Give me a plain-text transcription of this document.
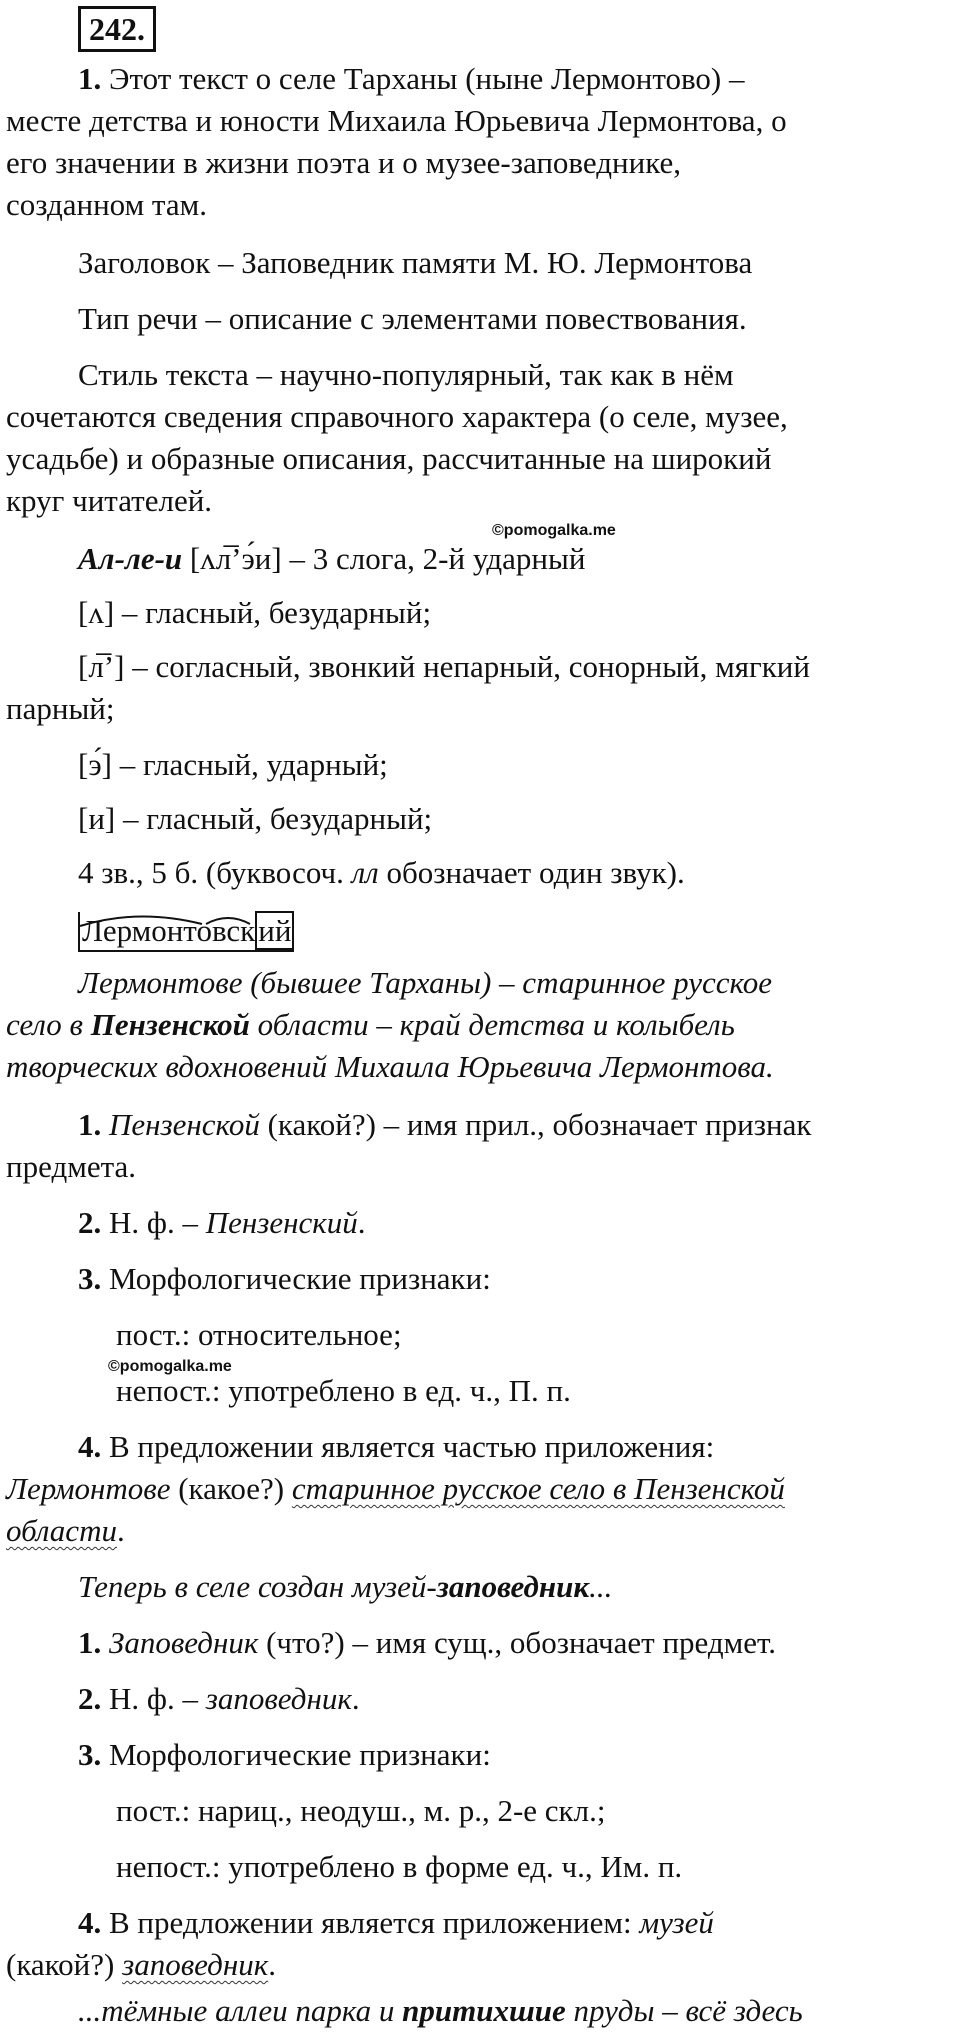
242.

1. Этот текст о селе Тарханы (ныне Лермонтово) –

месте детства и юности Михаила Юрьевича Лермонтова, о

его значении в жизни поэта и о музее-заповеднике,

созданном там.

Заголовок – Заповедник памяти М. Ю. Лермонтова

Тип речи – описание с элементами повествования.

Стиль текста – научно-популярный, так как в нём

сочетаются сведения справочного характера (о селе, музее,

усадьбе) и образные описания, рассчитанные на широкий

круг читателей.

©pomogalka.me

Ал-ле-и [ʌл̅’э́и] – 3 слога, 2-й ударный

[ʌ] – гласный, безударный;

[л̅’] – согласный, звонкий непарный, сонорный, мягкий

парный;

[э́] – гласный, ударный;

[и] – гласный, безударный;

4 зв., 5 б. (буквосоч. лл обозначает один звук).

Лермонтовский

Лермонтове (бывшее Тарханы) – старинное русское

село в Пензенской области – край детства и колыбель

творческих вдохновений Михаила Юрьевича Лермонтова.

1. Пензенской (какой?) – имя прил., обозначает признак

предмета.

2. Н. ф. – Пензенский.

3. Морфологические признаки:

пост.: относительное;

©pomogalka.me

непост.: употреблено в ед. ч., П. п.

4. В предложении является частью приложения:

Лермонтове (какое?) старинное русское село в Пензенской

области.

Теперь в селе создан музей-заповедник...

1. Заповедник (что?) – имя сущ., обозначает предмет.

2. Н. ф. – заповедник.

3. Морфологические признаки:

пост.: нариц., неодуш., м. р., 2-е скл.;

непост.: употреблено в форме ед. ч., Им. п.

4. В предложении является приложением: музей

(какой?) заповедник.

...тёмные аллеи парка и притихшие пруды – всё здесь
